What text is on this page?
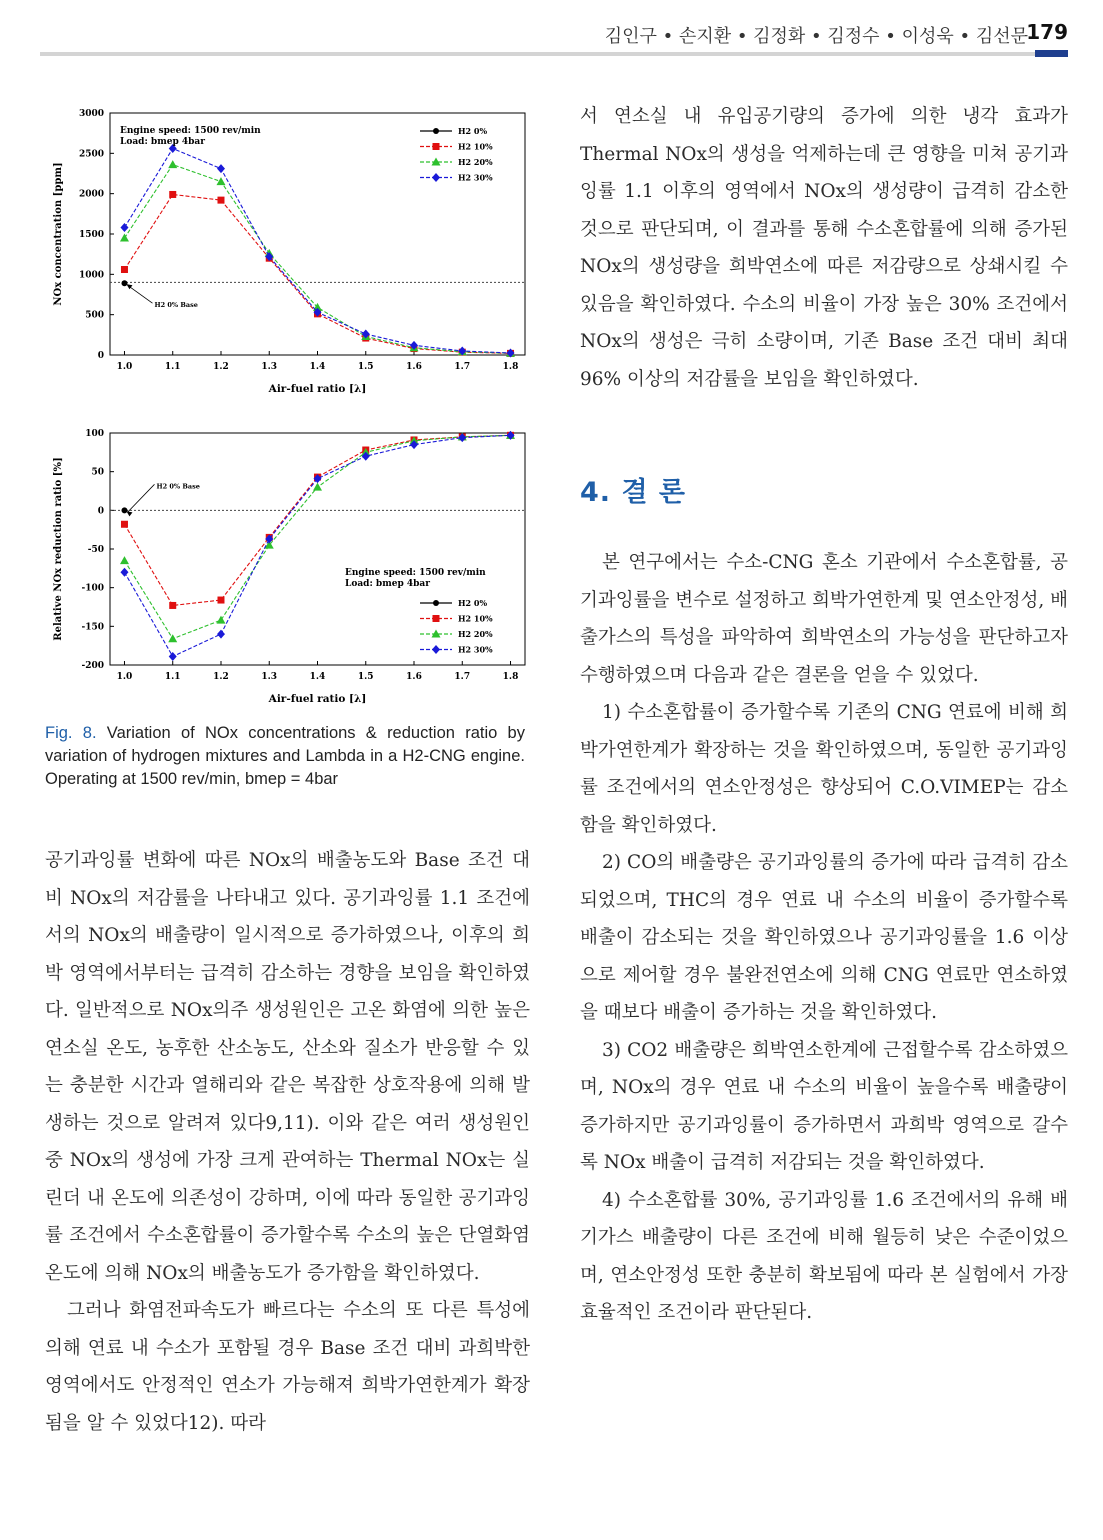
김인구 • 손지환 • 김정화 • 김정수 • 이성욱 • 김선문
179
0
500
1000
1500
2000
2500
3000
1.0	1.1	1.2	1.3	1.4	1.5	1.6	1.7	1.8
Air-fuel ratio [λ]
NOx concentration [ppm]	H2 0% Base
Engine speed: 1500 rev/min
Load: bmep 4bar
H2 0%
H2 10%
H2 20%
H2 30%
-200
-150
-100
-50
0
50
100
1.0	1.1	1.2	1.3	1.4	1.5	1.6	1.7	1.8
Air-fuel ratio [λ]
Relative NOx reduction ratio [%]	H2 0% Base
Engine speed: 1500 rev/min
Load: bmep 4bar
H2 0%
H2 10%
H2 20%
H2 30%
Fig. 8. Variation of NOx concentrations & reduction ratio by variation of hydrogen mixtures and Lambda in a H2-CNG engine. Operating at 1500 rev/min, bmep = 4bar

공기과잉률 변화에 따른 NOx의 배출농도와 Base 조건 대비 NOx의 저감률을 나타내고 있다. 공기과잉률 1.1 조건에서의 NOx의 배출량이 일시적으로 증가하였으나, 이후의 희박 영역에서부터는 급격히 감소하는 경향을 보임을 확인하였다. 일반적으로 NOx의주 생성원인은 고온 화염에 의한 높은 연소실 온도, 농후한 산소농도, 산소와 질소가 반응할 수 있는 충분한 시간과 열해리와 같은 복잡한 상호작용에 의해 발생하는 것으로 알려져 있다9,11). 이와 같은 여러 생성원인 중 NOx의 생성에 가장 크게 관여하는 Thermal NOx는 실린더 내 온도에 의존성이 강하며, 이에 따라 동일한 공기과잉률 조건에서 수소혼합률이 증가할수록 수소의 높은 단열화염온도에 의해 NOx의 배출농도가 증가함을 확인하였다.

그러나 화염전파속도가 빠르다는 수소의 또 다른 특성에 의해 연료 내 수소가 포함될 경우 Base 조건 대비 과희박한 영역에서도 안정적인 연소가 가능해져 희박가연한계가 확장됨을 알 수 있었다12). 따라

서 연소실 내 유입공기량의 증가에 의한 냉각 효과가 Thermal NOx의 생성을 억제하는데 큰 영향을 미쳐 공기과잉률 1.1 이후의 영역에서 NOx의 생성량이 급격히 감소한 것으로 판단되며, 이 결과를 통해 수소혼합률에 의해 증가된 NOx의 생성량을 희박연소에 따른 저감량으로 상쇄시킬 수 있음을 확인하였다. 수소의 비율이 가장 높은 30% 조건에서 NOx의 생성은 극히 소량이며, 기존 Base 조건 대비 최대 96% 이상의 저감률을 보임을 확인하였다.

4. 결 론

본 연구에서는 수소-CNG 혼소 기관에서 수소혼합률, 공기과잉률을 변수로 설정하고 희박가연한계 및 연소안정성, 배출가스의 특성을 파악하여 희박연소의 가능성을 판단하고자 수행하였으며 다음과 같은 결론을 얻을 수 있었다.

1) 수소혼합률이 증가할수록 기존의 CNG 연료에 비해 희박가연한계가 확장하는 것을 확인하였으며, 동일한 공기과잉률 조건에서의 연소안정성은 향상되어 C.O.VIMEP는 감소함을 확인하였다.

2) CO의 배출량은 공기과잉률의 증가에 따라 급격히 감소되었으며, THC의 경우 연료 내 수소의 비율이 증가할수록 배출이 감소되는 것을 확인하였으나 공기과잉률을 1.6 이상으로 제어할 경우 불완전연소에 의해 CNG 연료만 연소하였을 때보다 배출이 증가하는 것을 확인하였다.

3) CO2 배출량은 희박연소한계에 근접할수록 감소하였으며, NOx의 경우 연료 내 수소의 비율이 높을수록 배출량이 증가하지만 공기과잉률이 증가하면서 과희박 영역으로 갈수록 NOx 배출이 급격히 저감되는 것을 확인하였다.

4) 수소혼합률 30%, 공기과잉률 1.6 조건에서의 유해 배기가스 배출량이 다른 조건에 비해 월등히 낮은 수준이었으며, 연소안정성 또한 충분히 확보됨에 따라 본 실험에서 가장 효율적인 조건이라 판단된다.
